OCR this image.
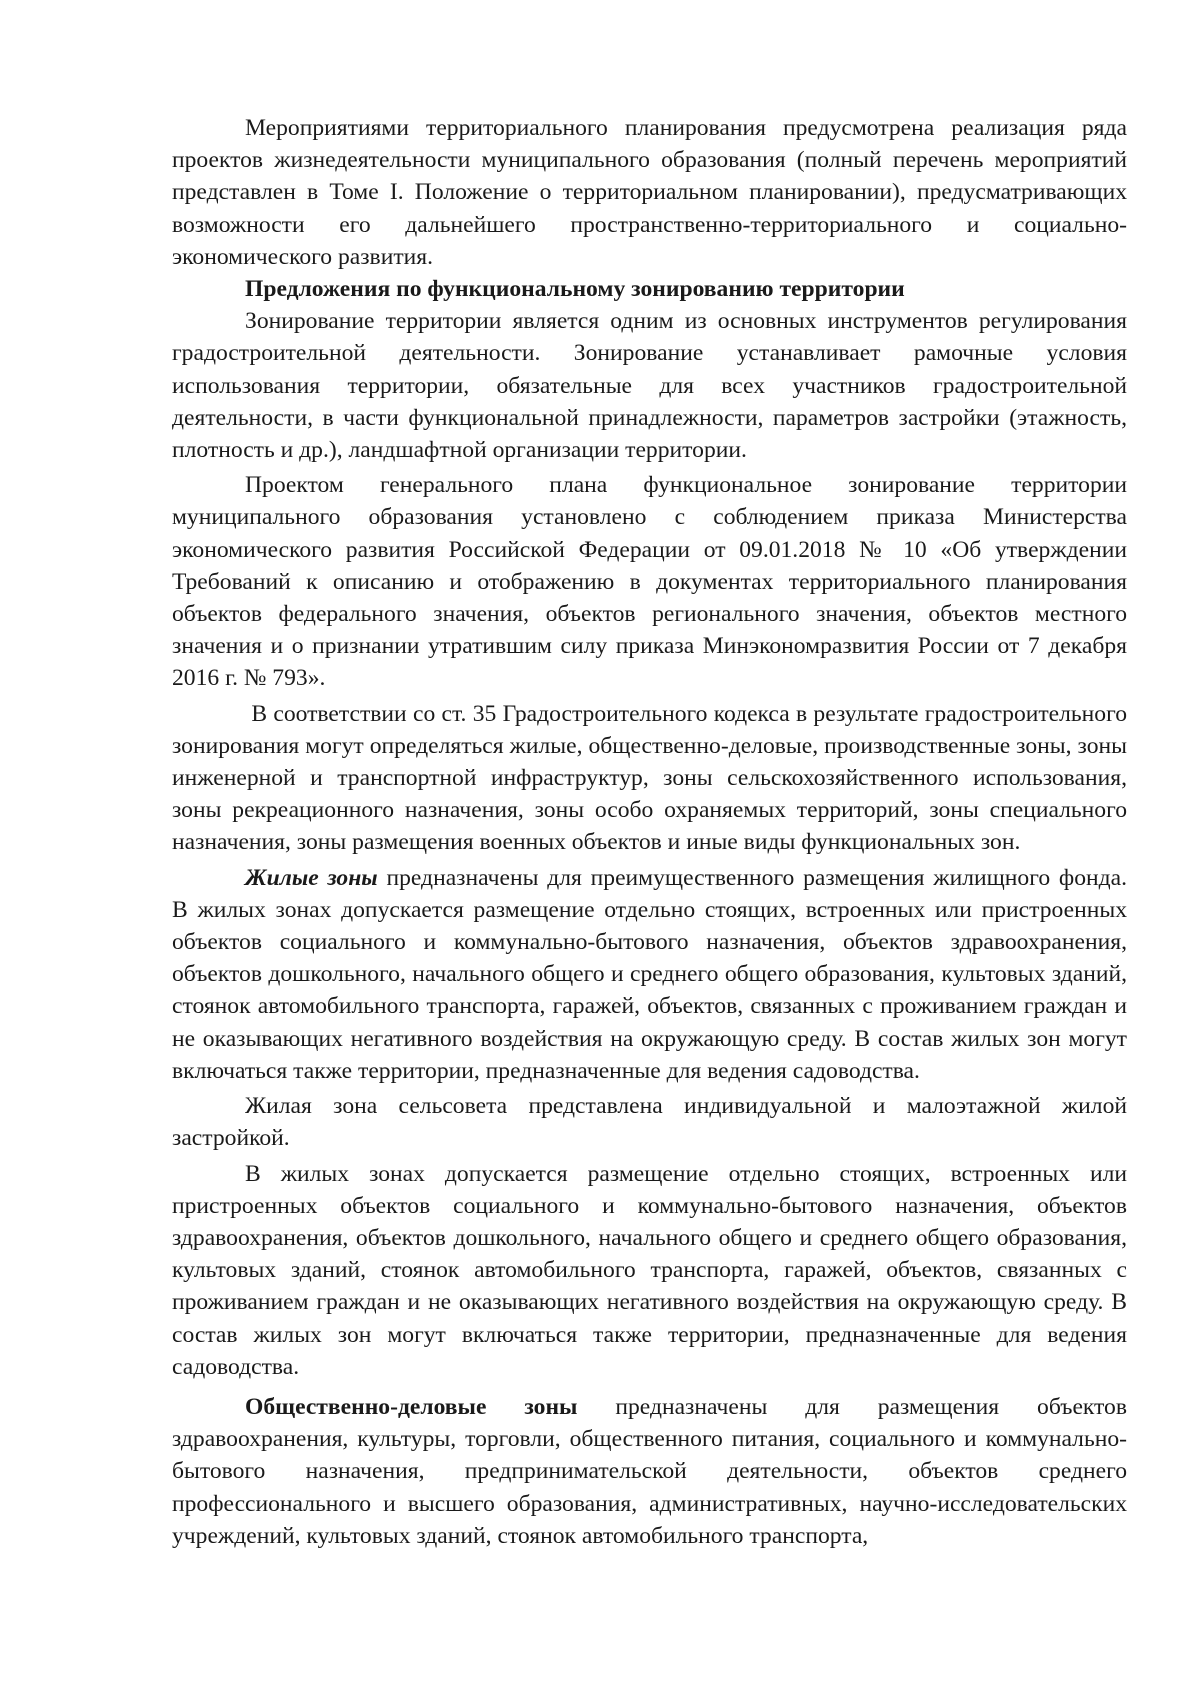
Мероприятиями территориального планирования предусмотрена реализация ряда проектов жизнедеятельности муниципального образования (полный перечень мероприятий представлен в Томе I. Положение о территориальном планировании), предусматривающих возможности его дальнейшего пространственно-территориального и социально-экономического развития.

Предложения по функциональному зонированию территории

Зонирование территории является одним из основных инструментов регулирования градостроительной деятельности. Зонирование устанавливает рамочные условия использования территории, обязательные для всех участников градостроительной деятельности, в части функциональной принадлежности, параметров застройки (этажность, плотность и др.), ландшафтной организации территории.

Проектом генерального плана функциональное зонирование территории муниципального образования установлено с соблюдением приказа Министерства экономического развития Российской Федерации от 09.01.2018 № 10 «Об утверждении Требований к описанию и отображению в документах территориального планирования объектов федерального значения, объектов регионального значения, объектов местного значения и о признании утратившим силу приказа Минэкономразвития России от 7 декабря 2016 г. № 793».

В соответствии со ст. 35 Градостроительного кодекса в результате градостроительного зонирования могут определяться жилые, общественно-деловые, производственные зоны, зоны инженерной и транспортной инфраструктур, зоны сельскохозяйственного использования, зоны рекреационного назначения, зоны особо охраняемых территорий, зоны специального назначения, зоны размещения военных объектов и иные виды функциональных зон.

Жилые зоны предназначены для преимущественного размещения жилищного фонда. В жилых зонах допускается размещение отдельно стоящих, встроенных или пристроенных объектов социального и коммунально-бытового назначения, объектов здравоохранения, объектов дошкольного, начального общего и среднего общего образования, культовых зданий, стоянок автомобильного транспорта, гаражей, объектов, связанных с проживанием граждан и не оказывающих негативного воздействия на окружающую среду. В состав жилых зон могут включаться также территории, предназначенные для ведения садоводства.

Жилая зона сельсовета представлена индивидуальной и малоэтажной жилой застройкой.

В жилых зонах допускается размещение отдельно стоящих, встроенных или пристроенных объектов социального и коммунально-бытового назначения, объектов здравоохранения, объектов дошкольного, начального общего и среднего общего образования, культовых зданий, стоянок автомобильного транспорта, гаражей, объектов, связанных с проживанием граждан и не оказывающих негативного воздействия на окружающую среду. В состав жилых зон могут включаться также территории, предназначенные для ведения садоводства.

Общественно-деловые зоны предназначены для размещения объектов здравоохранения, культуры, торговли, общественного питания, социального и коммунально-бытового назначения, предпринимательской деятельности, объектов среднего профессионального и высшего образования, административных, научно-исследовательских учреждений, культовых зданий, стоянок автомобильного транспорта,
